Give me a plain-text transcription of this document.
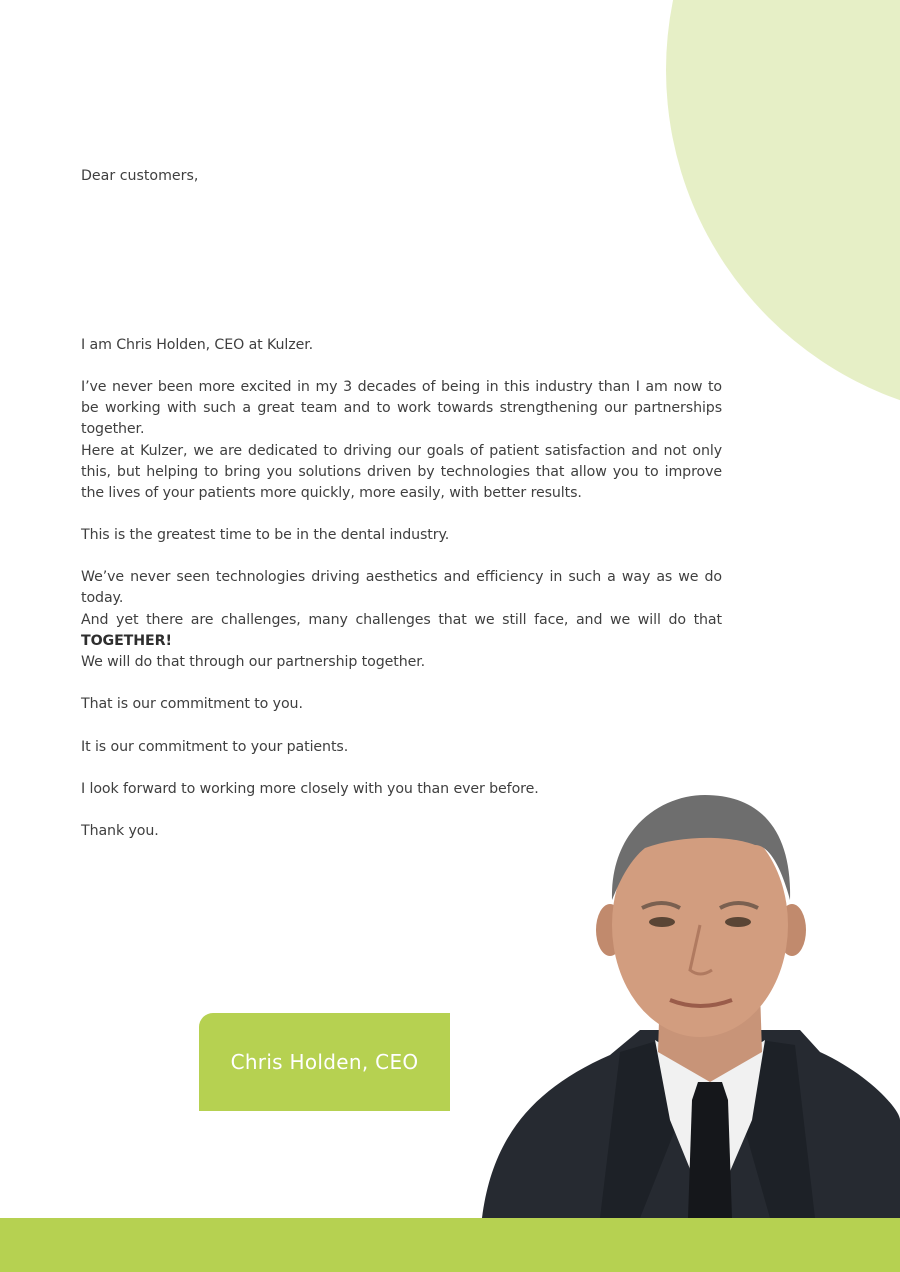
Dear customers,

I am Chris Holden, CEO at Kulzer.

I’ve never been more excited in my 3 decades of being in this industry than I am now to be working with such a great team and to work towards strengthening our partnerships together.

Here at Kulzer, we are dedicated to driving our goals of patient satisfaction and not only this, but helping to bring you solutions driven by technologies that allow you to improve the lives of your patients more quickly, more easily, with better results.

This is the greatest time to be in the dental industry.

We’ve never seen technologies driving aesthetics and efficiency in such a way as we do today.

And yet there are challenges, many challenges that we still face, and we will do that TOGETHER!

We will do that through our partnership together.

That is our commitment to you.

It is our commitment to your patients.

I look forward to working more closely with you than ever before.

Thank you.

Chris Holden, CEO
